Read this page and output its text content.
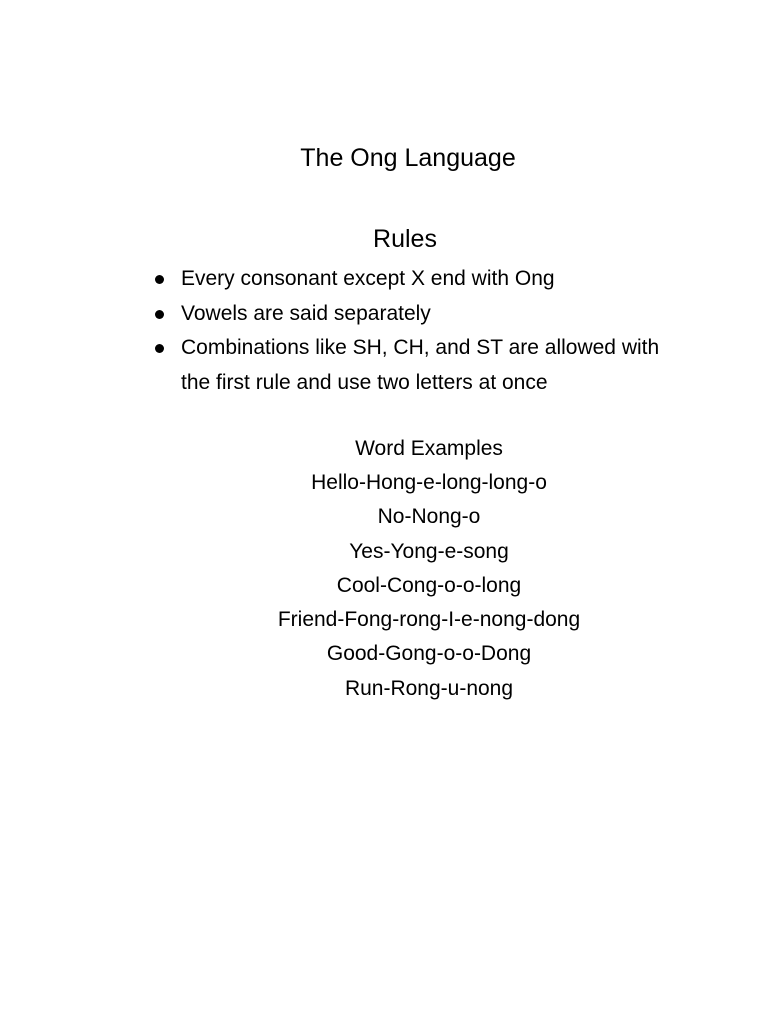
The Ong Language
Rules
Every consonant except X end with Ong
Vowels are said separately
Combinations like SH, CH, and ST are allowed with the first rule and use two letters at once
Word Examples
Hello-Hong-e-long-long-o
No-Nong-o
Yes-Yong-e-song
Cool-Cong-o-o-long
Friend-Fong-rong-I-e-nong-dong
Good-Gong-o-o-Dong
Run-Rong-u-nong
